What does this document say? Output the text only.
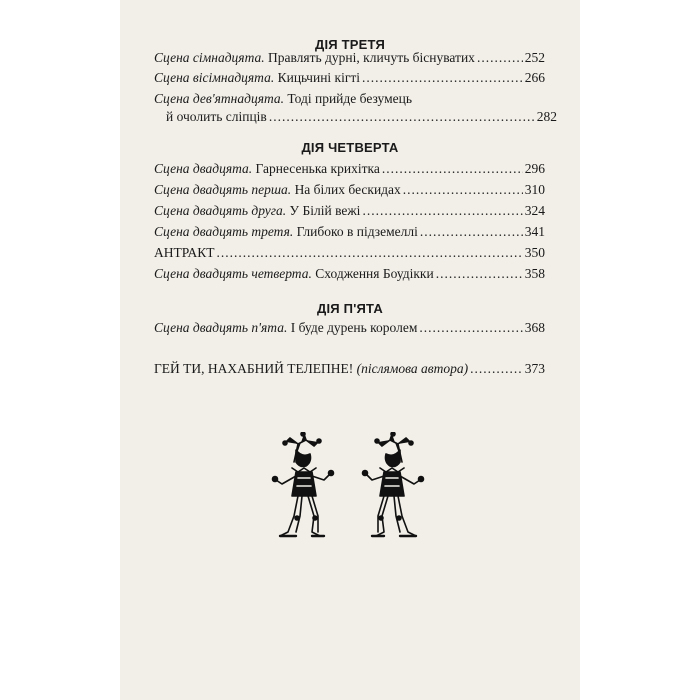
ДІЯ ТРЕТЯ
Сцена сімнадцята. Правлять дурні, кличуть біснуватих .....	252
Сцена вісімнадцята. Кицьчині кігті .....	266
Сцена дев'ятнадцята. Тоді прийде безумець
й очолить сліпців .....	282
ДІЯ ЧЕТВЕРТА
Сцена двадцята. Гарнесенька крихітка .....	296
Сцена двадцять перша. На білих бескидах .....	310
Сцена двадцять друга. У Білій вежі .....	324
Сцена двадцять третя. Глибоко в підземеллі .....	341
АНТРАКТ .....	350
Сцена двадцять четверта. Сходження Боудікки .....	358
ДІЯ П'ЯТА
Сцена двадцять п'ята. І буде дурень королем .....	368
ГЕЙ ТИ, НАХАБНИЙ ТЕЛЕПНЕ! (післямова автора) .....	373
